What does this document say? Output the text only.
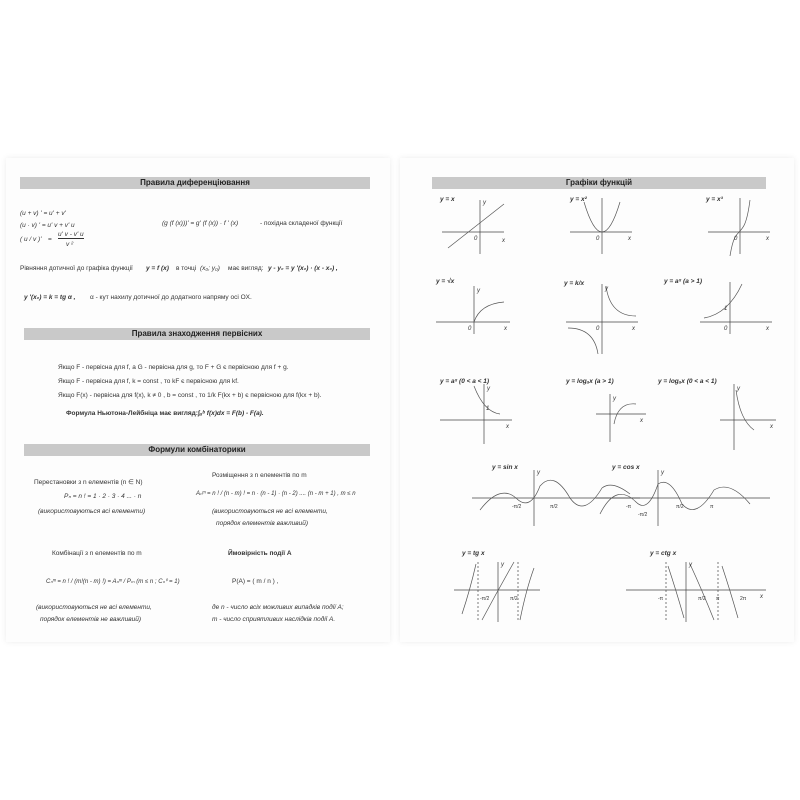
Правила диференціювання
(u + v) ' = u' + v'
(u · v) ' = u' v + v' u
( u / v )' =
u' v - v' u
v ²
(g (f (x)))' = g' (f (x)) · f ' (x)	- похідна складеної функції
Рівняння дотичної до графіка функції y = f (x) в точці (x₀; y₀) має вигляд: y - y₀ = y '(x₀) · (x - x₀) ,
y '(x₀) = k = tg α , α - кут нахилу дотичної до додатного напряму осі OX.
Правила знаходження первісних
Якщо F - первісна для f, а G - первісна для g, то F + G є первісною для f + g.
Якщо F - первісна для f, k = const , то kF є первісною для kf.
Якщо F(x) - первісна для f(x), k ≠ 0 , b = const , то 1/k F(kx + b) є первісною для f(kx + b).
Формула Ньютона-Лейбніца має вигляд: ∫ₐᵇ f(x)dx = F(b) - F(a).
Формули комбінаторики
Перестановки з n елементів (n ∈ N)
Pₙ = n ! = 1 · 2 · 3 · 4 ... · n
(використовуються всі елементи)
Розміщення з n елементів по m
Aₙᵐ = n ! / (n - m) ! = n · (n - 1) · (n - 2) .... (n - m + 1) , m ≤ n
(використовуються не всі елементи,
порядок елементів важливий)
Комбінації з n елементів по m
Cₙᵐ = n ! / (m!(n - m) !) = Aₙᵐ / Pₘ (m ≤ n ; Cₙ⁰ = 1)
(використовуються не всі елементи,
порядок елементів не важливий)
Ймовірність події A
P(A) = ( m / n ) ,
де n - число всіх можливих випадків події А;
m - число сприятливих наслідків події А.
Графіки функцій
x
y
0	x
0	x
0
x
y
0	x
y
0	x
0
1
x
y
1
x
y
x
y
y	y
y	y
x
-π/2	π/2	-π
-π/2
π/2	π
-π/2	π/2	-π	π/2 π	2π
y = x	y = x²	y = x³
y = √x	y = k/x	y = aˣ (a > 1)
y = aˣ (0 < a < 1)	y = logₐx (a > 1)	y = logₐx (0 < a < 1)
y = sin x	y = cos x
y = tg x	y = ctg x
